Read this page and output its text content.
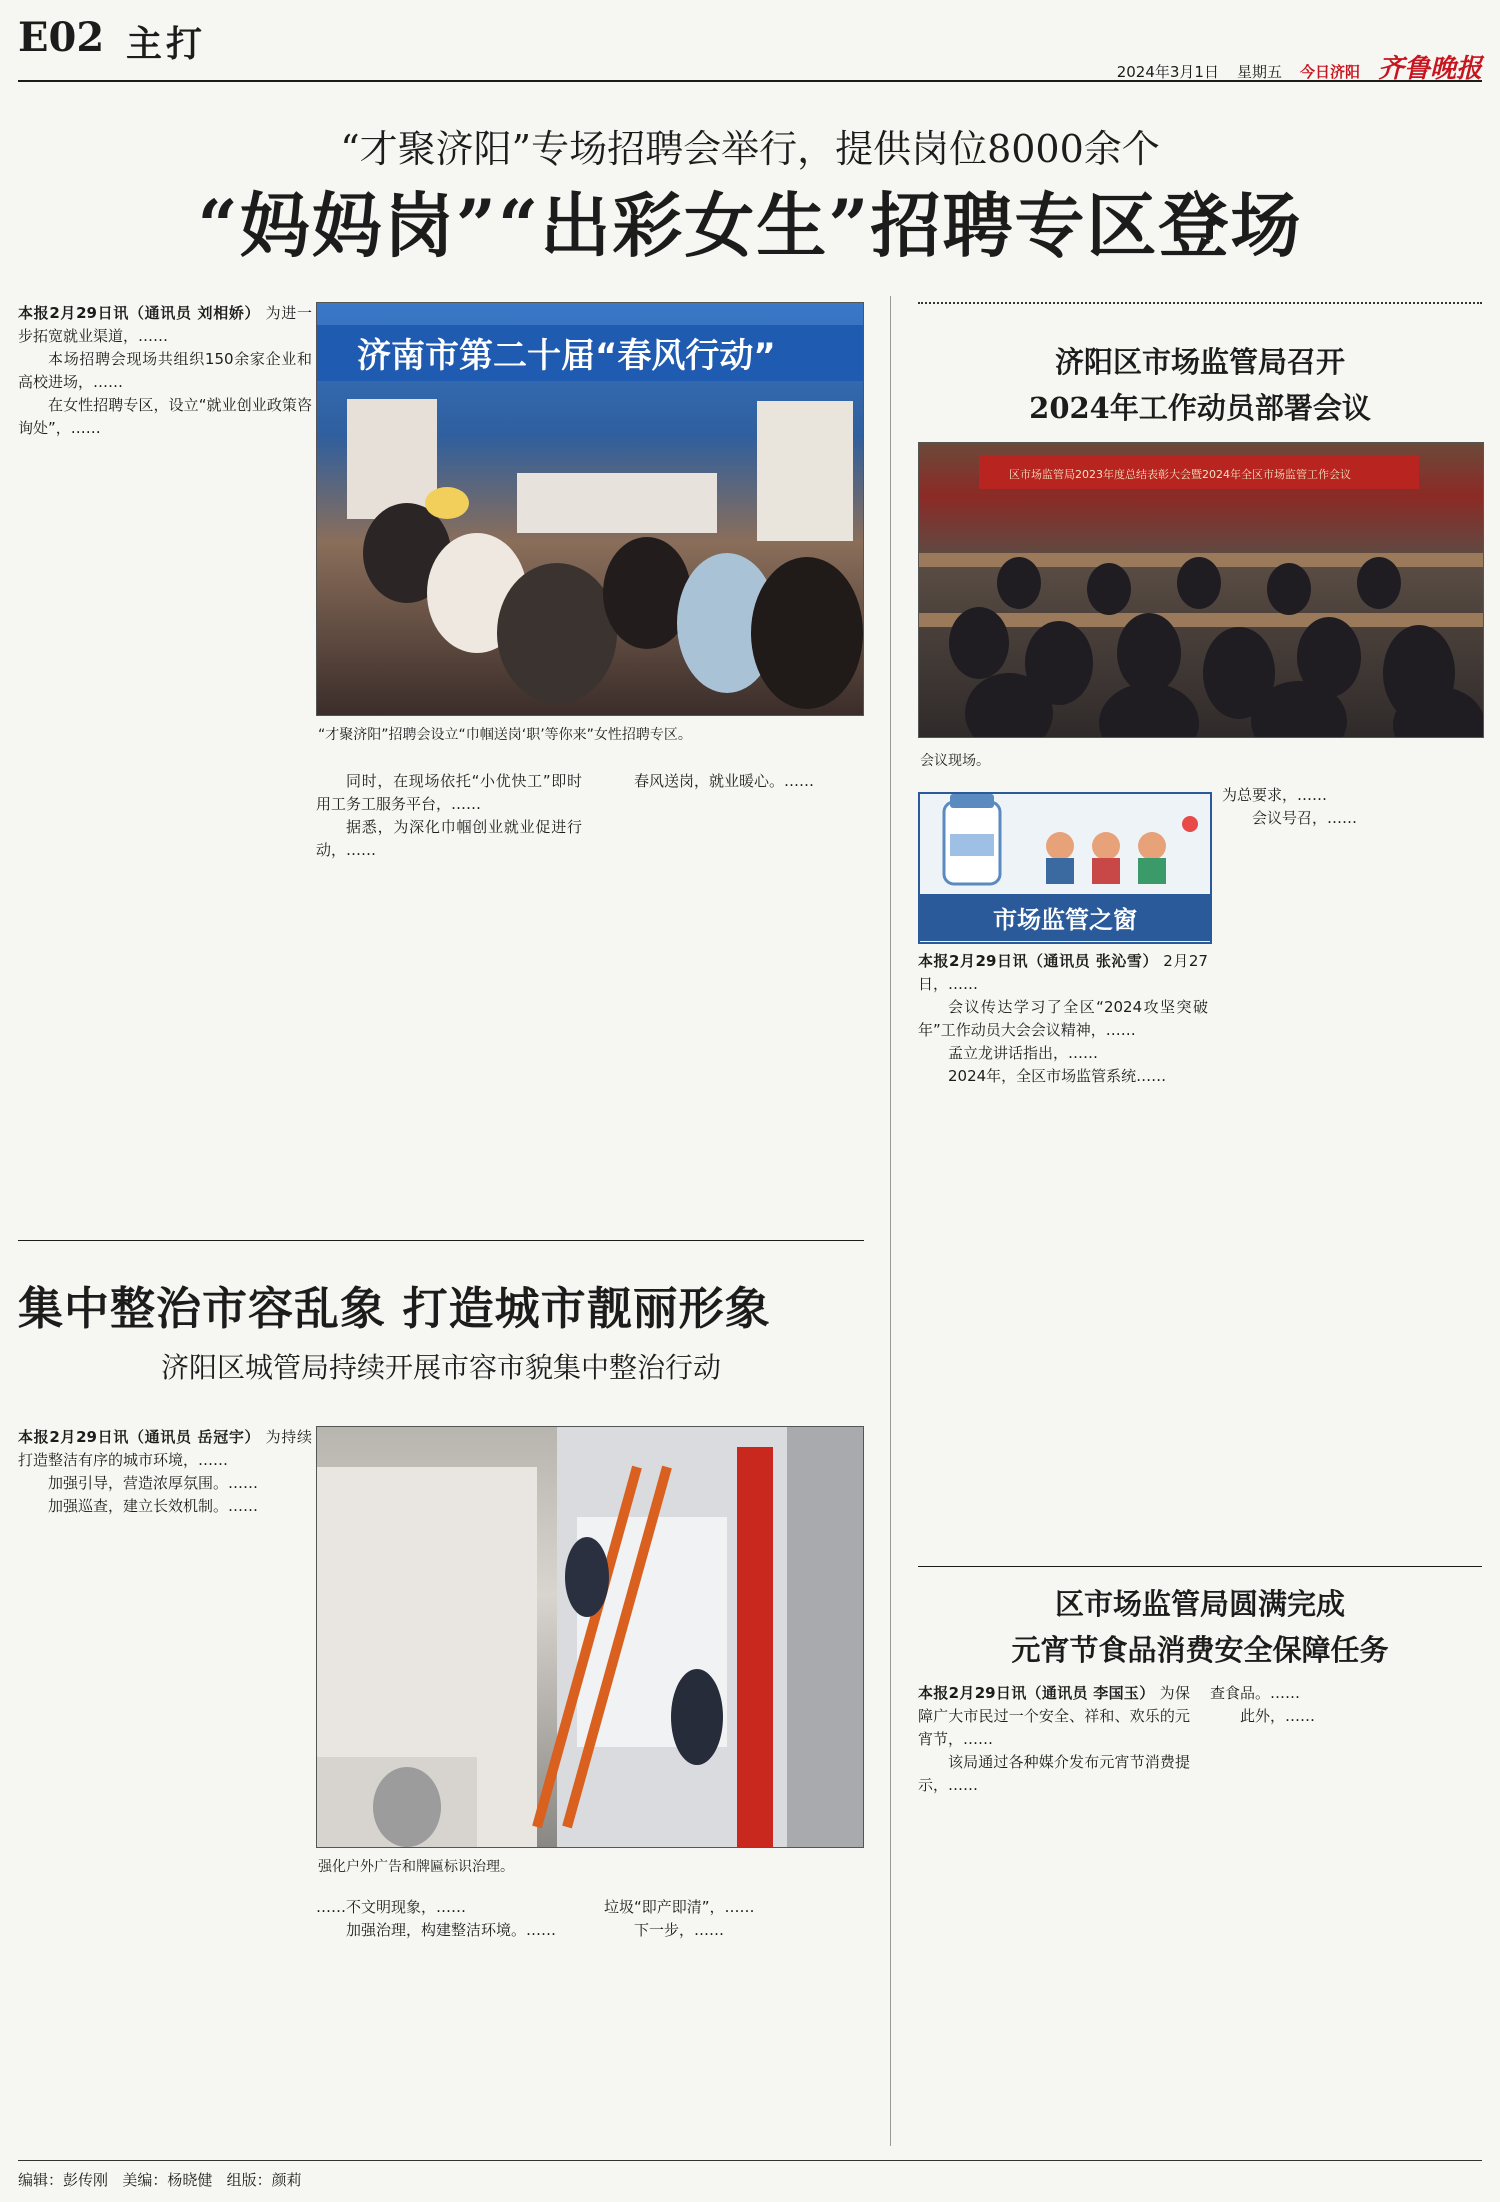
E02 主打
2024年3月1日 星期五 今日济阳 齐鲁晚报
“才聚济阳”专场招聘会举行，提供岗位8000余个
“妈妈岗”“出彩女生”招聘专区登场

本报2月29日讯（通讯员 刘相娇） 为进一步拓宽就业渠道，……

本场招聘会现场共组织150余家企业和高校进场，……

在女性招聘专区，设立“就业创业政策咨询处”，……

济南市第二十届“春风行动”
“才聚济阳”招聘会设立“巾帼送岗‘职’等你来”女性招聘专区。

同时，在现场依托“小优快工”即时用工务工服务平台，……

据悉，为深化巾帼创业就业促进行动，……

春风送岗，就业暖心。……

济阳区市场监管局召开
2024年工作动员部署会议
区市场监管局2023年度总结表彰大会暨2024年全区市场监管工作会议
会议现场。
市场监管之窗

本报2月29日讯（通讯员 张沁雪） 2月27日，……

会议传达学习了全区“2024攻坚突破年”工作动员大会会议精神，……

孟立龙讲话指出，……

2024年，全区市场监管系统……

为总要求，……

会议号召，……

区市场监管局圆满完成
元宵节食品消费安全保障任务

本报2月29日讯（通讯员 李国玉） 为保障广大市民过一个安全、祥和、欢乐的元宵节，……

该局通过各种媒介发布元宵节消费提示，……

查食品。……

此外，……

集中整治市容乱象 打造城市靓丽形象
济阳区城管局持续开展市容市貌集中整治行动

本报2月29日讯（通讯员 岳冠宇） 为持续打造整洁有序的城市环境，……

加强引导，营造浓厚氛围。……

加强巡查，建立长效机制。……

强化户外广告和牌匾标识治理。

……不文明现象，……

加强治理，构建整洁环境。……

垃圾“即产即清”，……

下一步，……

编辑：彭传刚 美编：杨晓健 组版：颜莉
